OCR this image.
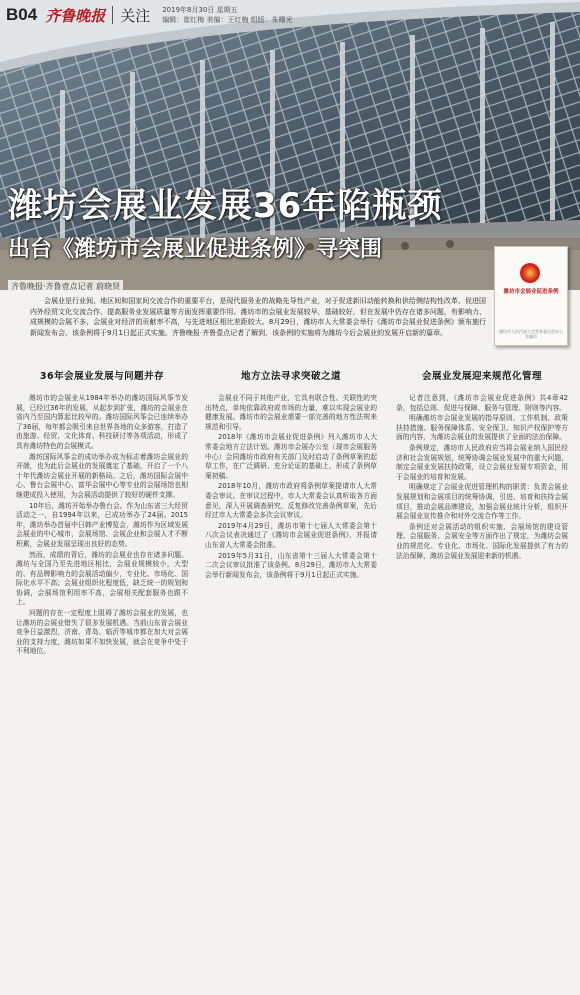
B04 齐鲁晚报 关注 2019年8月30日 星期五
编辑：崔红梅 美编：王红梅 组版：朱曙光
潍坊会展业发展36年陷瓶颈
出台《潍坊市会展业促进条例》寻突围
潍坊市会展业促进条例
潍坊市人民代表大会常务委员会办公室编印
齐鲁晚报·齐鲁壹点记者 蔚晓贤
会展业是行业间、地区间和国家间交流合作的重要平台，是现代服务业的战略先导性产业，对于促进新旧动能转换和供给侧结构性改革、促进国内外经贸文化交流合作、提高服务业发展质量等方面发挥重要作用。潍坊市的会展业发展较早，基础较好，但在发展中仍存在诸多问题，有影响力、成规模的会展不多，会展业对经济的贡献率不高，与先进地区相比差距较大。8月29日，潍坊市人大常委会举行《潍坊市会展业促进条例》颁布施行新闻发布会，该条例将于9月1日起正式实施。齐鲁晚报·齐鲁壹点记者了解到，该条例的实施将为潍坊今后会展业的发展开启新的篇章。
36年会展业发展与问题并存

潍坊市的会展业从1984年举办的潍坊国际风筝节发展，已经过36年的发展，从起步到扩张，潍坊的会展业在省内乃至国内算起比较早的。潍坊国际风筝会已连续举办了36届，每年都会吸引来自世界各地的众多游客，打造了由旅游、经贸、文化体育、科技研讨等各项活动，形成了具有潍坊特色的会展模式。

潍坊国际风筝会的成功举办成为标志着潍坊会展业的开端，也为此后会展业的发展奠定了基础，开启了一个八十年代潍坊会展业开展的新格局。之后，潍坊国际会展中心、鲁台会展中心、富华会展中心等专业的会展场馆也相继建成投入使用，为会展活动提供了较好的硬件支撑。

10年后，潍坊开始举办鲁台会。作为山东省三大经贸活动之一，自1994年以来，已成功举办了24届。2015年，潍坊举办首届中日韩产业博览会，潍坊作为区域发展会展业的中心城市，会展场馆、会展企业和会展人才不断积累，会展业发展呈现出良好的态势。

然而，成绩的背后，潍坊的会展业也存在诸多问题。潍坊与全国乃至先进地区相比，会展业规模较小，大型的、有品牌影响力的会展活动偏少，专业化、市场化、国际化水平不高；会展业组织化程度低，缺乏统一的规划和协调，会展场馆利用率不高，会展相关配套服务也跟不上。

问题的存在一定程度上阻碍了潍坊会展业的发展，也让潍坊的会展业错失了很多发展机遇。当前山东省会展业竞争日益激烈，济南、青岛、临沂等城市都在加大对会展业的支持力度，潍坊如果不加快发展，就会在竞争中处于不利地位。

地方立法寻求突破之道

会展业不同于其他产业，它具有联合性、关联性的突出特点，单纯依靠政府或市场的力量，难以实现会展业的健康发展。潍坊市的会展业需要一部完善的地方性法规来规范和引导。

2018年《潍坊市会展业促进条例》列入潍坊市人大常委会地方立法计划。潍坊市会展办公室（现市会展服务中心）会同潍坊市政府有关部门及时启动了条例草案的起草工作，在广泛调研、充分论证的基础上，形成了条例草案初稿。

2018年10月，潍坊市政府将条例草案提请市人大常委会审议。在审议过程中，市人大常委会认真听取各方面意见，深入开展调查研究，反复修改完善条例草案，先后经过市人大常委会多次会议审议。

2019年4月29日，潍坊市第十七届人大常委会第十八次会议表决通过了《潍坊市会展业促进条例》，并报请山东省人大常委会批准。

2019年5月31日，山东省第十三届人大常委会第十二次会议审议批准了该条例。8月29日，潍坊市人大常委会举行新闻发布会，该条例将于9月1日起正式实施。

会展业发展迎来规范化管理

记者注意到，《潍坊市会展业促进条例》共4章42条，包括总则、促进与保障、服务与管理、附则等内容。

明确潍坊市会展业发展的指导原则、工作机制、政策扶持措施、服务保障体系、安全保卫、知识产权保护等方面的内容，为潍坊会展业的发展提供了全面的法治保障。

条例规定，潍坊市人民政府应当将会展业纳入国民经济和社会发展规划，统筹协调会展业发展中的重大问题，制定会展业发展扶持政策，设立会展业发展专项资金，用于会展业的培育和发展。

明确规定了会展业促进管理机构的职责：负责会展业发展规划和会展项目的统筹协调，引进、培育和扶持会展项目，推动会展品牌建设，加强会展业统计分析，组织开展会展业宣传推介和对外交流合作等工作。

条例还对会展活动的组织实施、会展场馆的建设管理、会展服务、会展安全等方面作出了规定，为潍坊会展业的规范化、专业化、市场化、国际化发展提供了有力的法治保障，潍坊会展业发展迎来新的机遇。
